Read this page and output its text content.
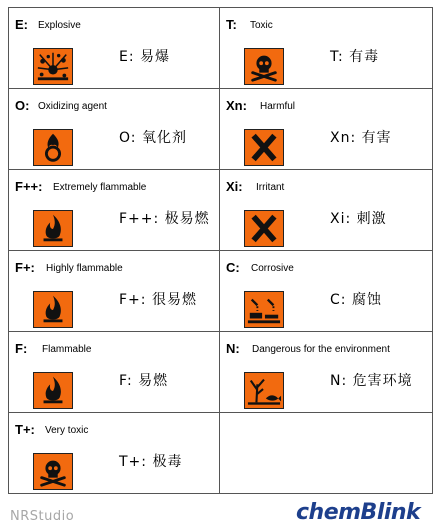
E: Explosive
E: 易爆
T: Toxic
T: 有毒
O: Oxidizing agent
O: 氧化剂
Xn: Harmful
Xn: 有害
F++: Extremely flammable
F++: 极易燃
Xi: Irritant
Xi: 刺激
F+: Highly flammable
F+: 很易燃
C: Corrosive
C: 腐蚀
F: Flammable
F: 易燃
N: Dangerous for the environment
N: 危害环境
T+: Very toxic
T+: 极毒
NRStudio	chemBlink
